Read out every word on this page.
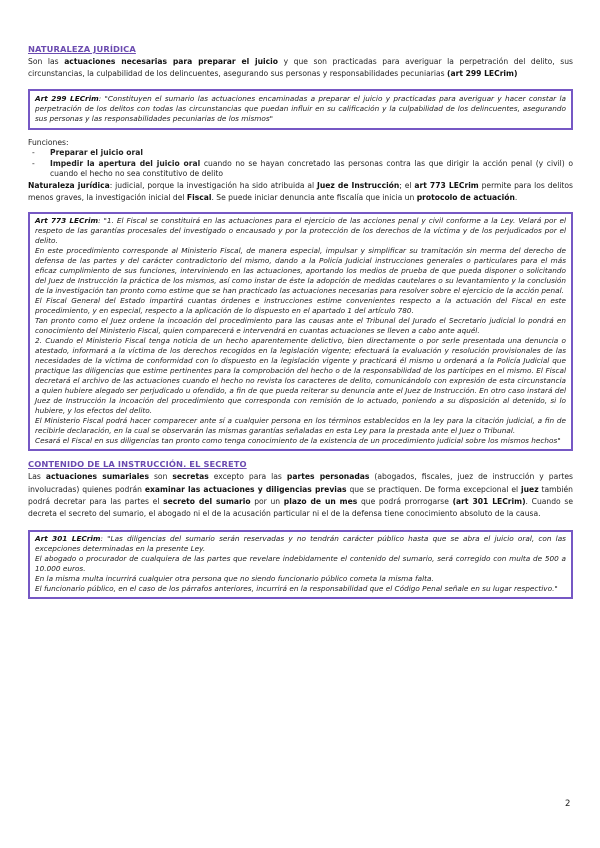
NATURALEZA JURÍDICA

Son las actuaciones necesarias para preparar el juicio y que son practicadas para averiguar la perpetración del delito, sus circunstancias, la culpabilidad de los delincuentes, asegurando sus personas y responsabilidades pecuniarias (art 299 LECrim)

Art 299 LECrim: "Constituyen el sumario las actuaciones encaminadas a preparar el juicio y practicadas para averiguar y hacer constar la perpetración de los delitos con todas las circunstancias que puedan influir en su calificación y la culpabilidad de los delincuentes, asegurando sus personas y las responsabilidades pecuniarias de los mismos"

Funciones:

- Preparar el juicio oral
- Impedir la apertura del juicio oral cuando no se hayan concretado las personas contra las que dirigir la acción penal (y civil) o cuando el hecho no sea constitutivo de delito

Naturaleza jurídica: judicial, porque la investigación ha sido atribuida al Juez de Instrucción; el art 773 LECrim permite para los delitos menos graves, la investigación inicial del Fiscal. Se puede iniciar denuncia ante fiscalía que inicia un protocolo de actuación.

Art 773 LECrim: "1. El Fiscal se constituirá en las actuaciones para el ejercicio de las acciones penal y civil conforme a la Ley. Velará por el respeto de las garantías procesales del investigado o encausado y por la protección de los derechos de la víctima y de los perjudicados por el delito.

En este procedimiento corresponde al Ministerio Fiscal, de manera especial, impulsar y simplificar su tramitación sin merma del derecho de defensa de las partes y del carácter contradictorio del mismo, dando a la Policía Judicial instrucciones generales o particulares para el más eficaz cumplimiento de sus funciones, interviniendo en las actuaciones, aportando los medios de prueba de que pueda disponer o solicitando del Juez de Instrucción la práctica de los mismos, así como instar de éste la adopción de medidas cautelares o su levantamiento y la conclusión de la investigación tan pronto como estime que se han practicado las actuaciones necesarias para resolver sobre el ejercicio de la acción penal.

El Fiscal General del Estado impartirá cuantas órdenes e instrucciones estime convenientes respecto a la actuación del Fiscal en este procedimiento, y en especial, respecto a la aplicación de lo dispuesto en el apartado 1 del artículo 780.

Tan pronto como el Juez ordene la incoación del procedimiento para las causas ante el Tribunal del Jurado el Secretario judicial lo pondrá en conocimiento del Ministerio Fiscal, quien comparecerá e intervendrá en cuantas actuaciones se lleven a cabo ante aquél.

2. Cuando el Ministerio Fiscal tenga noticia de un hecho aparentemente delictivo, bien directamente o por serle presentada una denuncia o atestado, informará a la víctima de los derechos recogidos en la legislación vigente; efectuará la evaluación y resolución provisionales de las necesidades de la víctima de conformidad con lo dispuesto en la legislación vigente y practicará él mismo u ordenará a la Policía Judicial que practique las diligencias que estime pertinentes para la comprobación del hecho o de la responsabilidad de los partícipes en el mismo. El Fiscal decretará el archivo de las actuaciones cuando el hecho no revista los caracteres de delito, comunicándolo con expresión de esta circunstancia a quien hubiere alegado ser perjudicado u ofendido, a fin de que pueda reiterar su denuncia ante el Juez de Instrucción. En otro caso instará del Juez de Instrucción la incoación del procedimiento que corresponda con remisión de lo actuado, poniendo a su disposición al detenido, si lo hubiere, y los efectos del delito.

El Ministerio Fiscal podrá hacer comparecer ante sí a cualquier persona en los términos establecidos en la ley para la citación judicial, a fin de recibirle declaración, en la cual se observarán las mismas garantías señaladas en esta Ley para la prestada ante el Juez o Tribunal.

Cesará el Fiscal en sus diligencias tan pronto como tenga conocimiento de la existencia de un procedimiento judicial sobre los mismos hechos"

CONTENIDO DE LA INSTRUCCIÓN. EL SECRETO

Las actuaciones sumariales son secretas excepto para las partes personadas (abogados, fiscales, juez de instrucción y partes involucradas) quienes podrán examinar las actuaciones y diligencias previas que se practiquen. De forma excepcional el juez también podrá decretar para las partes el secreto del sumario por un plazo de un mes que podrá prorrogarse (art 301 LECrim). Cuando se decreta el secreto del sumario, el abogado ni el de la acusación particular ni el de la defensa tiene conocimiento absoluto de la causa.

Art 301 LECrim: "Las diligencias del sumario serán reservadas y no tendrán carácter público hasta que se abra el juicio oral, con las excepciones determinadas en la presente Ley.

El abogado o procurador de cualquiera de las partes que revelare indebidamente el contenido del sumario, será corregido con multa de 500 a 10.000 euros.

En la misma multa incurrirá cualquier otra persona que no siendo funcionario público cometa la misma falta.

El funcionario público, en el caso de los párrafos anteriores, incurrirá en la responsabilidad que el Código Penal señale en su lugar respectivo."

2
